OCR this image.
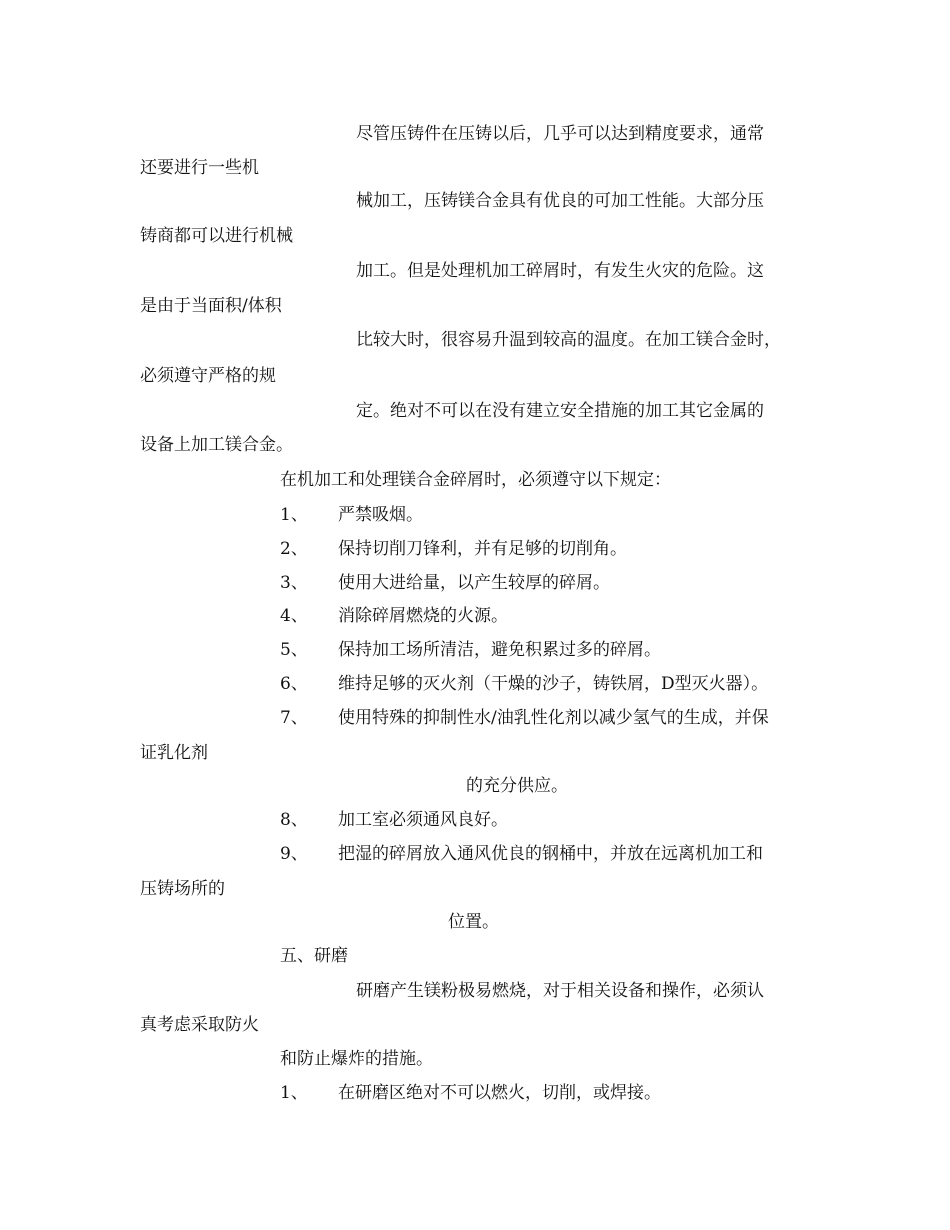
尽管压铸件在压铸以后，几乎可以达到精度要求，通常
还要进行一些机
械加工，压铸镁合金具有优良的可加工性能。大部分压
铸商都可以进行机械
加工。但是处理机加工碎屑时，有发生火灾的危险。这
是由于当面积/体积
比较大时，很容易升温到较高的温度。在加工镁合金时，
必须遵守严格的规
定。绝对不可以在没有建立安全措施的加工其它金属的
设备上加工镁合金。
在机加工和处理镁合金碎屑时，必须遵守以下规定：
1、 严禁吸烟。
2、 保持切削刀锋利，并有足够的切削角。
3、 使用大进给量，以产生较厚的碎屑。
4、 消除碎屑燃烧的火源。
5、 保持加工场所清洁，避免积累过多的碎屑。
6、 维持足够的灭火剂（干燥的沙子，铸铁屑，D型灭火器）。
7、 使用特殊的抑制性水/油乳性化剂以减少氢气的生成，并保
证乳化剂
的充分供应。
8、 加工室必须通风良好。
9、 把湿的碎屑放入通风优良的钢桶中，并放在远离机加工和
压铸场所的
位置。
五、研磨
研磨产生镁粉极易燃烧，对于相关设备和操作，必须认
真考虑采取防火
和防止爆炸的措施。
1、 在研磨区绝对不可以燃火，切削，或焊接。
